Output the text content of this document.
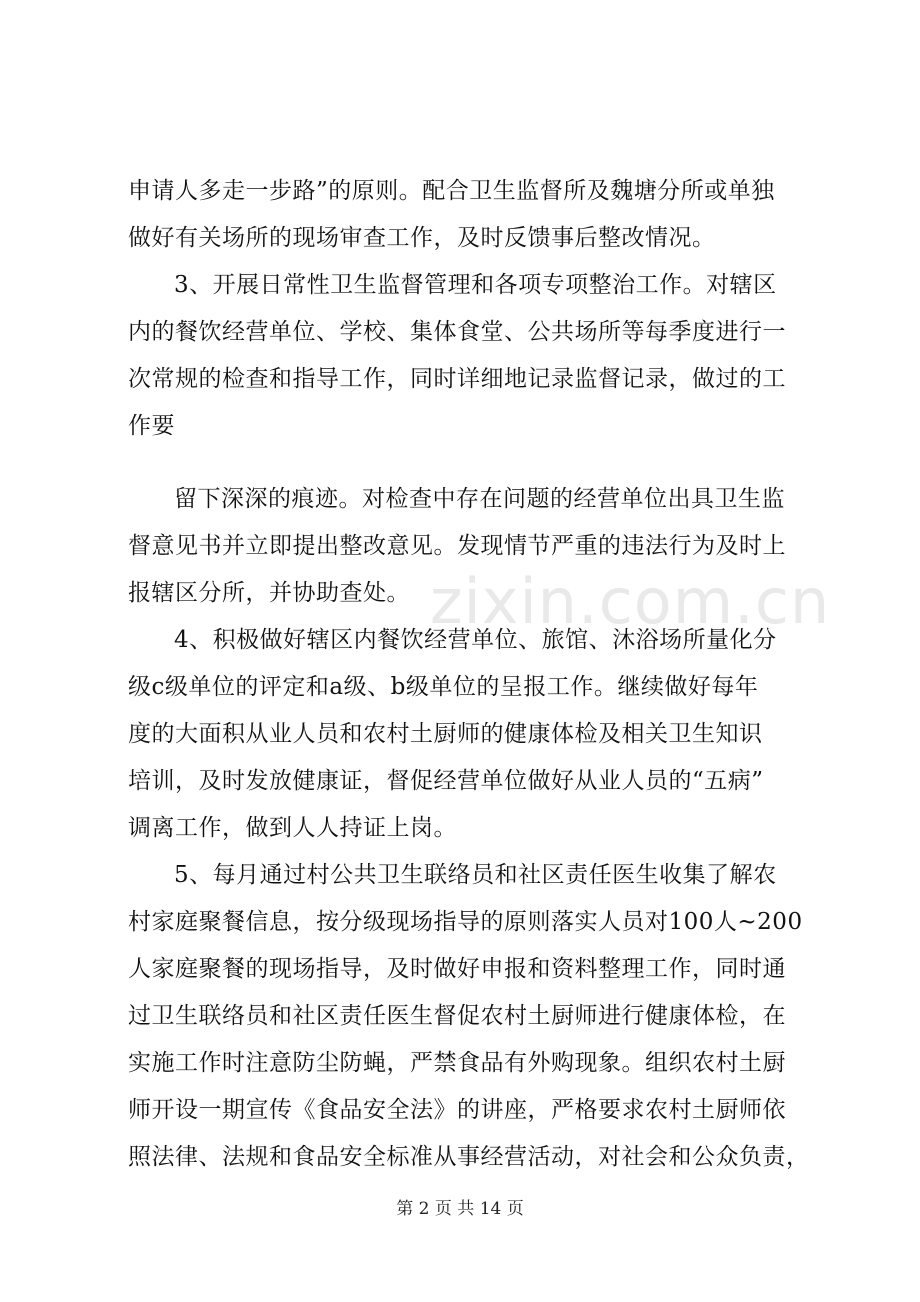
申请人多走一步路”的原则。配合卫生监督所及魏塘分所或单独
做好有关场所的现场审查工作，及时反馈事后整改情况。
3、开展日常性卫生监督管理和各项专项整治工作。对辖区
内的餐饮经营单位、学校、集体食堂、公共场所等每季度进行一
次常规的检查和指导工作，同时详细地记录监督记录，做过的工
作要
留下深深的痕迹。对检查中存在问题的经营单位出具卫生监
督意见书并立即提出整改意见。发现情节严重的违法行为及时上
报辖区分所，并协助查处。
4、积极做好辖区内餐饮经营单位、旅馆、沐浴场所量化分
级c级单位的评定和a级、b级单位的呈报工作。继续做好每年
度的大面积从业人员和农村土厨师的健康体检及相关卫生知识
培训，及时发放健康证，督促经营单位做好从业人员的“五病”
调离工作，做到人人持证上岗。
5、每月通过村公共卫生联络员和社区责任医生收集了解农
村家庭聚餐信息，按分级现场指导的原则落实人员对100人~200
人家庭聚餐的现场指导，及时做好申报和资料整理工作，同时通
过卫生联络员和社区责任医生督促农村土厨师进行健康体检，在
实施工作时注意防尘防蝇，严禁食品有外购现象。组织农村土厨
师开设一期宣传《食品安全法》的讲座，严格要求农村土厨师依
照法律、法规和食品安全标准从事经营活动，对社会和公众负责，
zixin.com.cn
第 2 页 共 14 页
